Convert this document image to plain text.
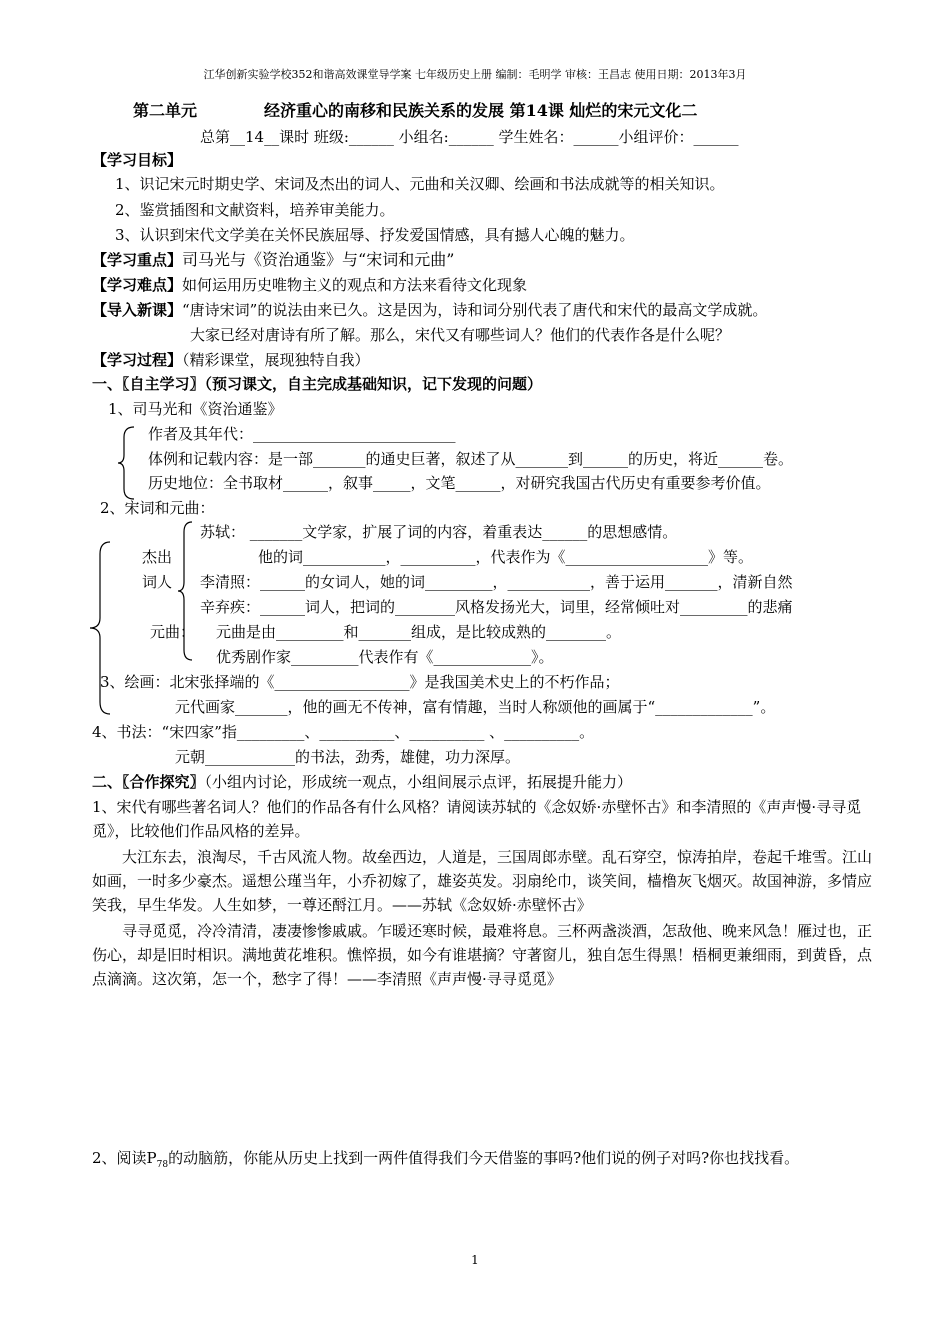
江华创新实验学校352和谐高效课堂导学案 七年级历史上册 编制：毛明学 审核：王昌志 使用日期：2013年3月
第二单元	经济重心的南移和民族关系的发展 第14课 灿烂的宋元文化二
总第__14__课时 班级:______ 小组名:______ 学生姓名：______小组评价：______
【学习目标】
1、识记宋元时期史学、宋词及杰出的词人、元曲和关汉卿、绘画和书法成就等的相关知识。
2、鉴赏插图和文献资料，培养审美能力。
3、认识到宋代文学美在关怀民族屈辱、抒发爱国情感，具有撼人心魄的魅力。
【学习重点】司马光与《资治通鉴》与“宋词和元曲”
【学习难点】如何运用历史唯物主义的观点和方法来看待文化现象
【导入新课】“唐诗宋词”的说法由来已久。这是因为，诗和词分别代表了唐代和宋代的最高文学成就。
大家已经对唐诗有所了解。那么，宋代又有哪些词人？他们的代表作各是什么呢？
【学习过程】（精彩课堂，展现独特自我）
一、〖自主学习〗（预习课文，自主完成基础知识，记下发现的问题）
1、司马光和《资治通鉴》
作者及其年代：___________________________
体例和记载内容：是一部_______的通史巨著，叙述了从_______到______的历史，将近______卷。
历史地位：全书取材______，叙事_____，文笔______，对研究我国古代历史有重要参考价值。
2、宋词和元曲：
杰出
词人
苏轼： _______文学家，扩展了词的内容，着重表达______的思想感情。
他的词___________，__________，代表作为《___________________》等。
李清照：______的女词人，她的词_________，___________，善于运用_______，清新自然
辛弃疾：______词人，把词的________风格发扬光大，词里，经常倾吐对_________的悲痛
元曲： 元曲是由_________和_______组成，是比较成熟的________。
优秀剧作家_________代表作有《_____________》。
3、绘画：北宋张择端的《__________________》是我国美术史上的不朽作品；
元代画家_______，他的画无不传神，富有情趣，当时人称颂他的画属于“_____________”。
4、书法：“宋四家”指_________、__________、__________ 、__________。
元朝____________的书法，劲秀，雄健，功力深厚。
二、〖合作探究〗（小组内讨论，形成统一观点，小组间展示点评，拓展提升能力）
1、宋代有哪些著名词人？他们的作品各有什么风格？请阅读苏轼的《念奴娇·赤壁怀古》和李清照的《声声慢·寻寻觅觅》，比较他们作品风格的差异。
大江东去，浪淘尽，千古风流人物。故垒西边，人道是，三国周郎赤壁。乱石穿空，惊涛拍岸，卷起千堆雪。江山如画，一时多少豪杰。遥想公瑾当年，小乔初嫁了，雄姿英发。羽扇纶巾，谈笑间，樯橹灰飞烟灭。故国神游，多情应笑我，早生华发。人生如梦，一尊还酹江月。——苏轼《念奴娇·赤壁怀古》
寻寻觅觅，冷冷清清，凄凄惨惨戚戚。乍暖还寒时候，最难将息。三杯两盏淡酒，怎敌他、晚来风急！雁过也，正伤心，却是旧时相识。满地黄花堆积。憔悴损，如今有谁堪摘？守著窗儿，独自怎生得黑！梧桐更兼细雨，到黄昏，点点滴滴。这次第，怎一个，愁字了得！——李清照《声声慢·寻寻觅觅》
2、阅读$P_{78}$的动脑筋，你能从历史上找到一两件值得我们今天借鉴的事吗?他们说的例子对吗?你也找找看。
1
